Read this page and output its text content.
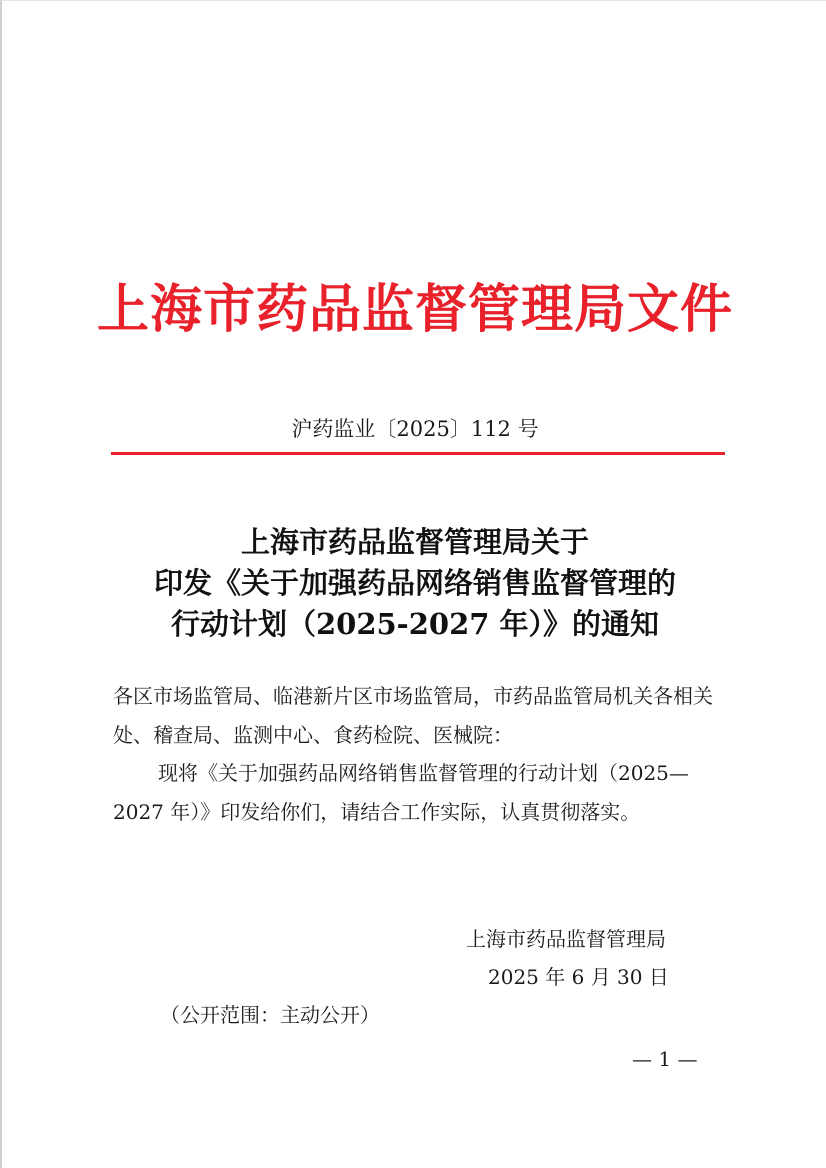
上海市药品监督管理局文件
沪药监业〔2025〕112 号
上海市药品监督管理局关于
印发《关于加强药品网络销售监督管理的
行动计划（2025-2027 年）》的通知

各区市场监管局、临港新片区市场监管局，市药品监管局机关各相关处、稽查局、监测中心、食药检院、医械院：

现将《关于加强药品网络销售监督管理的行动计划（2025—2027 年）》印发给你们，请结合工作实际，认真贯彻落实。

上海市药品监督管理局
2025 年 6 月 30 日
（公开范围：主动公开）
— 1 —
